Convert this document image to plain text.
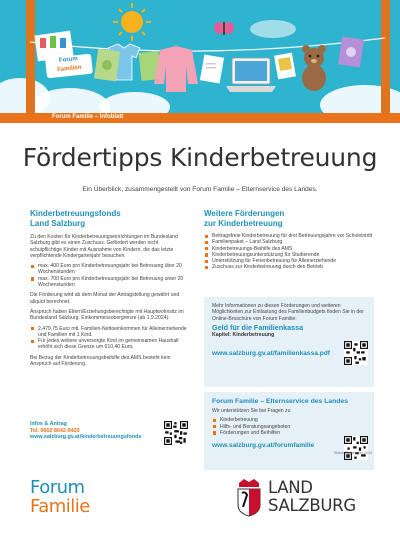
Forum
Familien
Forum Familie – Infoblatt
Fördertipps Kinderbetreuung
Ein Überblick, zusammengestellt von Forum Familie – Elternservice des Landes.
Kinderbetreuungsfonds
Land Salzburg

Zu den Kosten für Kinderbetreuungseinrichtungen im Bundesland Salzburg gibt es einen Zuschuss. Gefördert werden nicht schulpflichtige Kinder mit Ausnahme von Kindern, die das letzte verpflichtende Kindergartenjahr besuchen.

max. 400 Euro pro Kinderbetreuungsjahr bei Betreuung über 20 Wochenstunden
max. 700 Euro pro Kinderbetreuungsjahr bei Betreuung unter 20 Wochenstunden

Die Förderung wird ab dem Monat der Antragstellung gewährt und aliquot berechnet.

Anspruch haben Eltern/Erziehungsberechtigte mit Hauptwohnsitz im Bundesland Salzburg. Einkommensobergrenze (ab 1.9.2024):

2.479,75 Euro mtl. Familien-Nettoeinkommen für Alleinerziehende und Familien mit 1 Kind.
Für jedes weitere unversorgte Kind im gemeinsamen Haushalt erhöht sich diese Grenze um 610,40 Euro.

Bei Bezug der Kinderbetreuungsbeihilfe des AMS besteht kein Anspruch auf Förderung.

Infos & Antrag
Tel. 0662 8042-5420
www.salzburg.gv.at/kinderbetreuungsfonds
Weitere Förderungen
zur Kinderbetreuung
Beitragsfreie Kinderbetreuung für drei Betreuungsjahre vor Schuleintritt
Familienpaket – Land Salzburg
Kinderbetreuungs-Beihilfe des AMS
Kinderbetreuungsunterstützung für Studierende
Unterstützung für Ferienbetreuung für Alleinerziehende
Zuschuss zur Kinderbetreuung durch den Betrieb

Mehr Informationen zu diesen Förderungen und weiteren Möglichkeiten zur Entlastung des Familienbudgets finden Sie in der Online-Broschüre von Forum Familie:

Geld für die Familienkassa
Kapitel: Kinderbetreuung
www.salzburg.gv.at/familienkassa.pdf
Forum Familie – Elternservice des Landes

Wir unterstützen Sie bei Fragen zu

Kinderbetreuung
Hilfs- und Beratungsangeboten
Förderungen und Beihilfen
www.salzburg.gv.at/forumfamilie
Stand: September 2024
Forum
Familie
LAND
SALZBURG
